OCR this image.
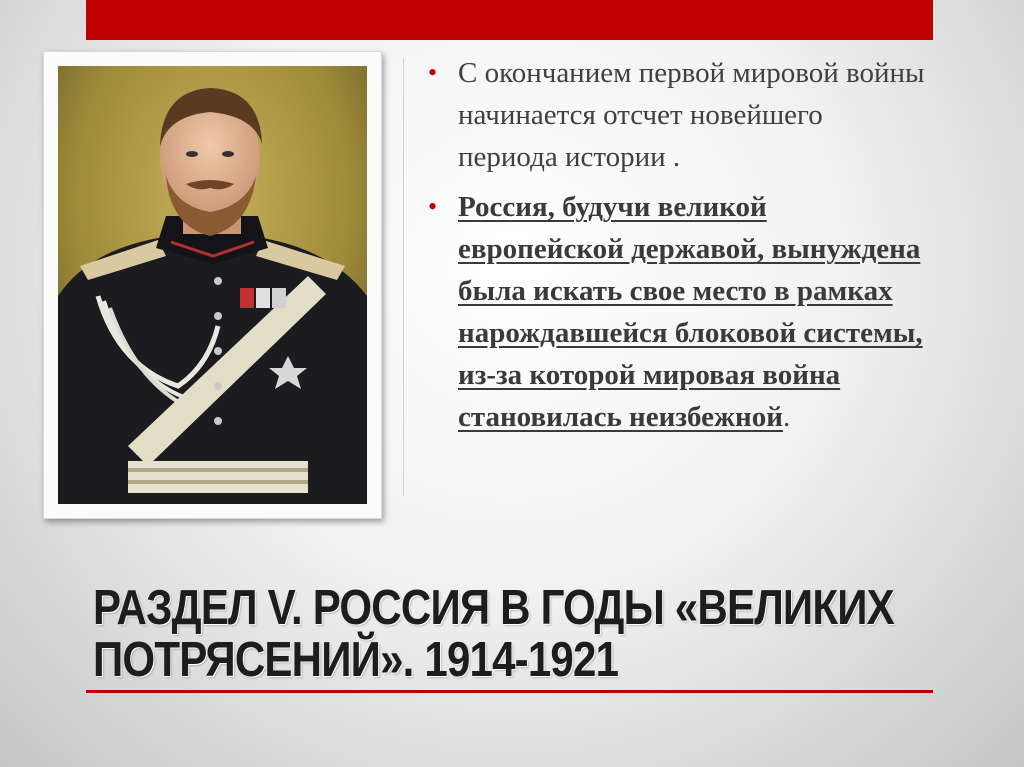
• С окончанием первой мировой войны начинается отсчет новейшего периода истории .
• Россия, будучи великой европейской державой, вынуждена была искать свое место в рамках нарождавшейся блоковой системы, из-за которой мировая война становилась неизбежной.
РАЗДЕЛ V. РОССИЯ В ГОДЫ «ВЕЛИКИХ
ПОТРЯСЕНИЙ». 1914-1921
